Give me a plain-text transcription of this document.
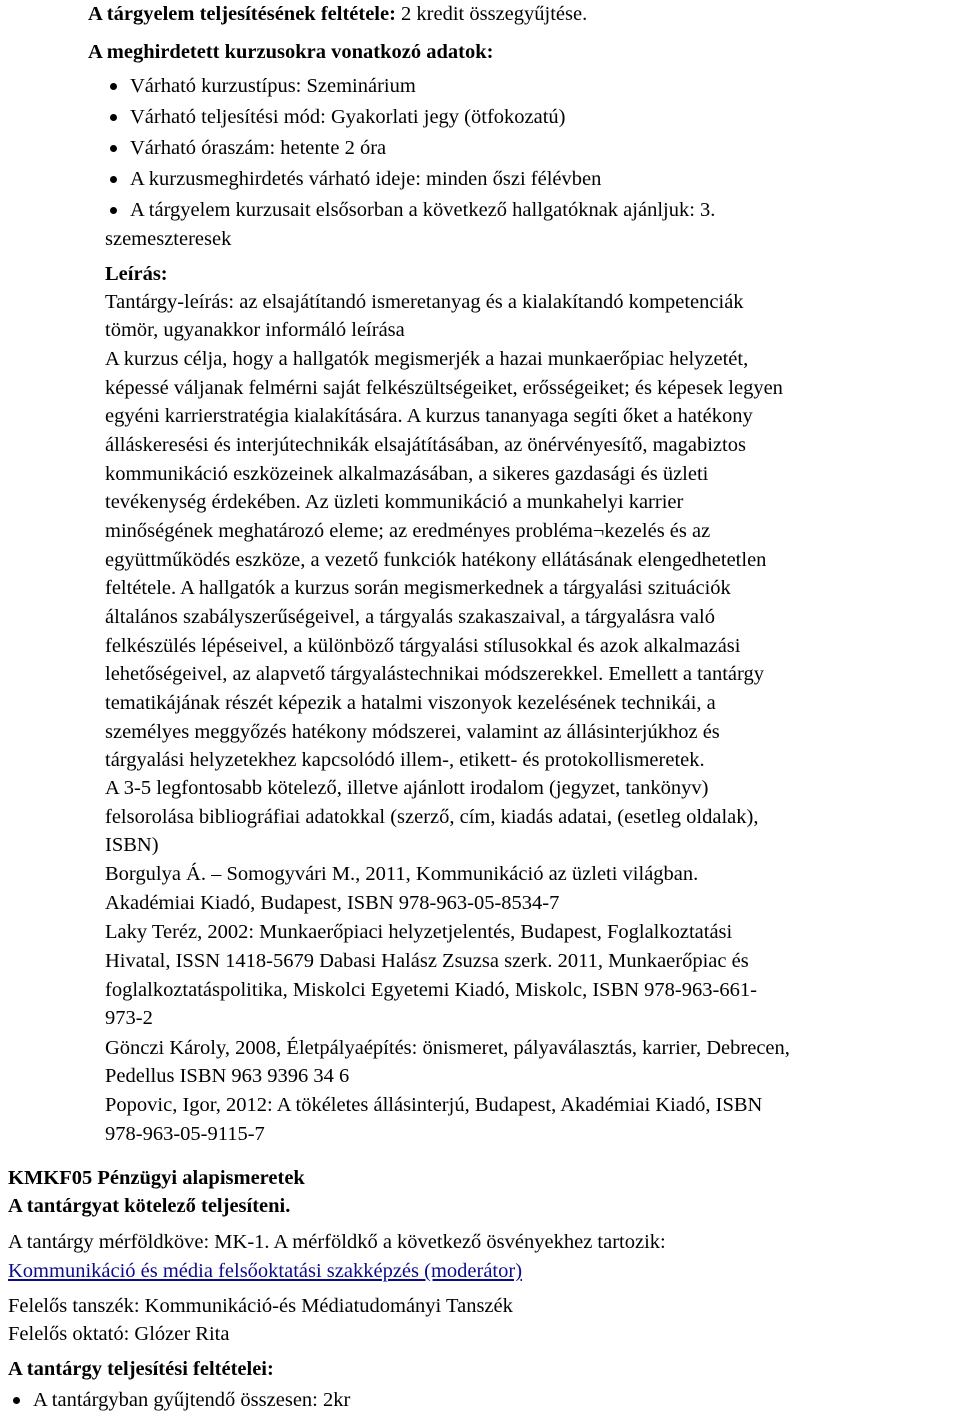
A tárgyelem teljesítésének feltétele: 2 kredit összegyűjtése.
A meghirdetett kurzusokra vonatkozó adatok:
Várható kurzustípus: Szeminárium
Várható teljesítési mód: Gyakorlati jegy (ötfokozatú)
Várható óraszám: hetente 2 óra
A kurzusmeghirdetés várható ideje: minden őszi félévben
A tárgyelem kurzusait elsősorban a következő hallgatóknak ajánljuk: 3.
szemeszteresek
Leírás:
Tantárgy-leírás: az elsajátítandó ismeretanyag és a kialakítandó kompetenciák
tömör, ugyanakkor informáló leírása
A kurzus célja, hogy a hallgatók megismerjék a hazai munkaerőpiac helyzetét,
képessé váljanak felmérni saját felkészültségeiket, erősségeiket; és képesek legyen
egyéni karrierstratégia kialakítására. A kurzus tananyaga segíti őket a hatékony
álláskeresési és interjútechnikák elsajátításában, az önérvényesítő, magabiztos
kommunikáció eszközeinek alkalmazásában, a sikeres gazdasági és üzleti
tevékenység érdekében. Az üzleti kommunikáció a munkahelyi karrier
minőségének meghatározó eleme; az eredményes probléma¬kezelés és az
együttműködés eszköze, a vezető funkciók hatékony ellátásának elengedhetetlen
feltétele. A hallgatók a kurzus során megismerkednek a tárgyalási szituációk
általános szabályszerűségeivel, a tárgyalás szakaszaival, a tárgyalásra való
felkészülés lépéseivel, a különböző tárgyalási stílusokkal és azok alkalmazási
lehetőségeivel, az alapvető tárgyalástechnikai módszerekkel. Emellett a tantárgy
tematikájának részét képezik a hatalmi viszonyok kezelésének technikái, a
személyes meggyőzés hatékony módszerei, valamint az állásinterjúkhoz és
tárgyalási helyzetekhez kapcsolódó illem-, etikett- és protokollismeretek.
A 3-5 legfontosabb kötelező, illetve ajánlott irodalom (jegyzet, tankönyv)
felsorolása bibliográfiai adatokkal (szerző, cím, kiadás adatai, (esetleg oldalak),
ISBN)
Borgulya Á. – Somogyvári M., 2011, Kommunikáció az üzleti világban.
Akadémiai Kiadó, Budapest, ISBN 978-963-05-8534-7
Laky Teréz, 2002: Munkaerőpiaci helyzetjelentés, Budapest, Foglalkoztatási
Hivatal, ISSN 1418-5679 Dabasi Halász Zsuzsa szerk. 2011, Munkaerőpiac és
foglalkoztatáspolitika, Miskolci Egyetemi Kiadó, Miskolc, ISBN 978-963-661-
973-2
Gönczi Károly, 2008, Életpályaépítés: önismeret, pályaválasztás, karrier, Debrecen,
Pedellus ISBN 963 9396 34 6
Popovic, Igor, 2012: A tökéletes állásinterjú, Budapest, Akadémiai Kiadó, ISBN
978-963-05-9115-7
KMKF05 Pénzügyi alapismeretek
A tantárgyat kötelező teljesíteni.
A tantárgy mérföldköve: MK-1. A mérföldkő a következő ösvényekhez tartozik:
Kommunikáció és média felsőoktatási szakképzés (moderátor)
Felelős tanszék: Kommunikáció-és Médiatudományi Tanszék
Felelős oktató: Glózer Rita
A tantárgy teljesítési feltételei:
A tantárgyban gyűjtendő összesen: 2kr
